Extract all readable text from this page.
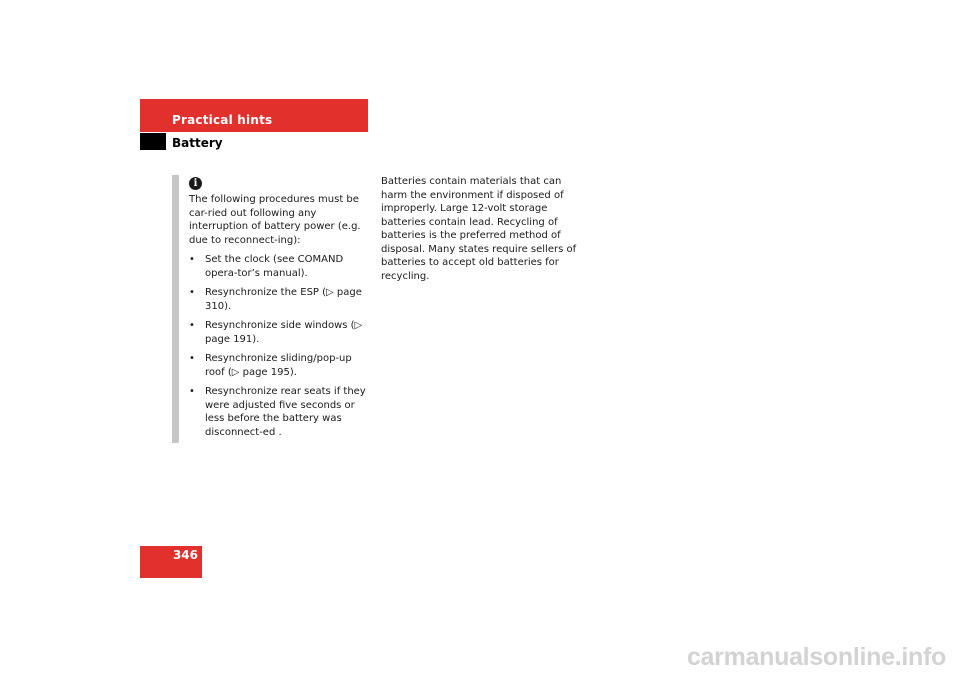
Practical hints
Battery
i

The following procedures must be car-ried out following any interruption of battery power (e.g. due to reconnect-ing):

• Set the clock (see COMAND opera-tor’s manual).
• Resynchronize the ESP (▷ page 310).
• Resynchronize side windows (▷ page 191).
• Resynchronize sliding/pop-up roof (▷ page 195).
• Resynchronize rear seats if they were adjusted five seconds or less before the battery was disconnect-ed .
Batteries contain materials that can harm the environment if disposed of improperly. Large 12-volt storage batteries contain lead. Recycling of batteries is the preferred method of disposal. Many states require sellers of batteries to accept old batteries for recycling.
346
carmanualsonline.info
